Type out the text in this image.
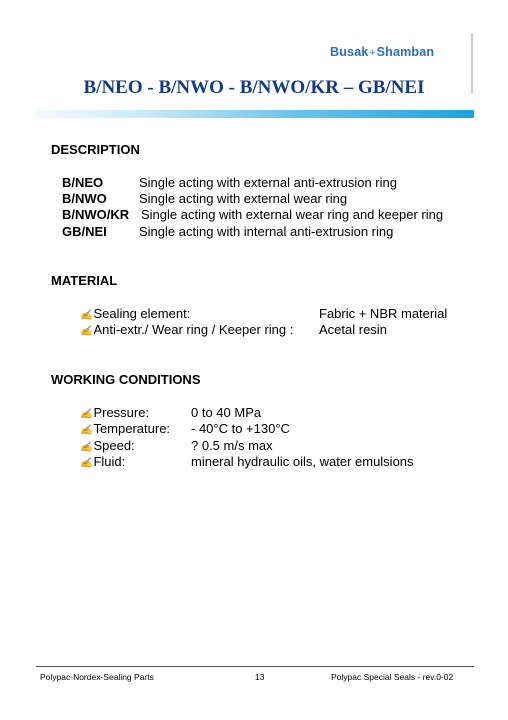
Busak+Shamban
B/NEO - B/NWO - B/NWO/KR – GB/NEI
DESCRIPTION
B/NEO	Single acting with external anti-extrusion ring
B/NWO Single acting with external wear ring
B/NWO/KR Single acting with external wear ring and keeper ring
GB/NEI Single acting with internal anti-extrusion ring
MATERIAL
✍Sealing element:	Fabric + NBR material
✍Anti-extr./ Wear ring / Keeper ring : Acetal resin
WORKING CONDITIONS
✍Pressure:	0 to 40 MPa
✍Temperature: - 40°C to +130°C
✍Speed:	? 0.5 m/s max
✍Fluid:	mineral hydraulic oils, water emulsions
Polypac-Nordex-Sealing Parts	13	Polypac Special Seals - rev.0-02
